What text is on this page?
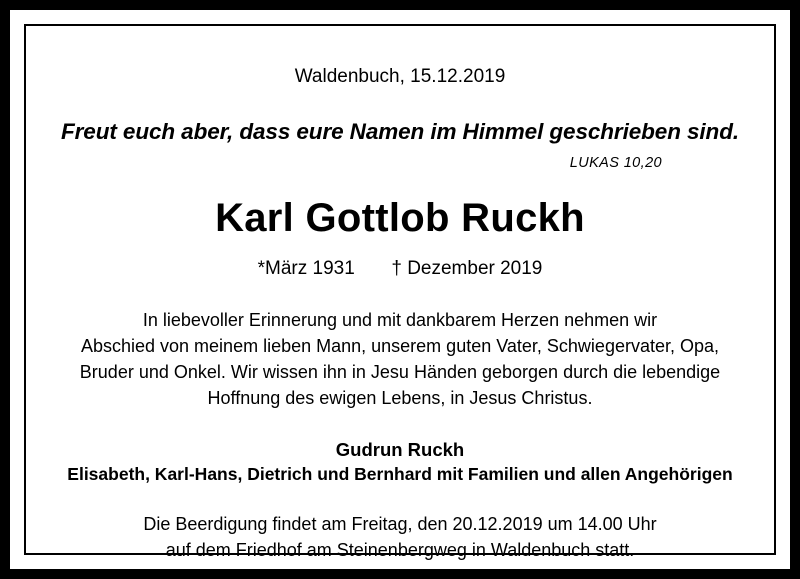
Waldenbuch, 15.12.2019
Freut euch aber, dass eure Namen im Himmel geschrieben sind.
LUKAS 10,20
Karl Gottlob Ruckh
*März 1931 † Dezember 2019

In liebevoller Erinnerung und mit dankbarem Herzen nehmen wir

Abschied von meinem lieben Mann, unserem guten Vater, Schwiegervater, Opa,

Bruder und Onkel. Wir wissen ihn in Jesu Händen geborgen durch die lebendige

Hoffnung des ewigen Lebens, in Jesus Christus.

Gudrun Ruckh
Elisabeth, Karl-Hans, Dietrich und Bernhard mit Familien und allen Angehörigen

Die Beerdigung findet am Freitag, den 20.12.2019 um 14.00 Uhr

auf dem Friedhof am Steinenbergweg in Waldenbuch statt.
